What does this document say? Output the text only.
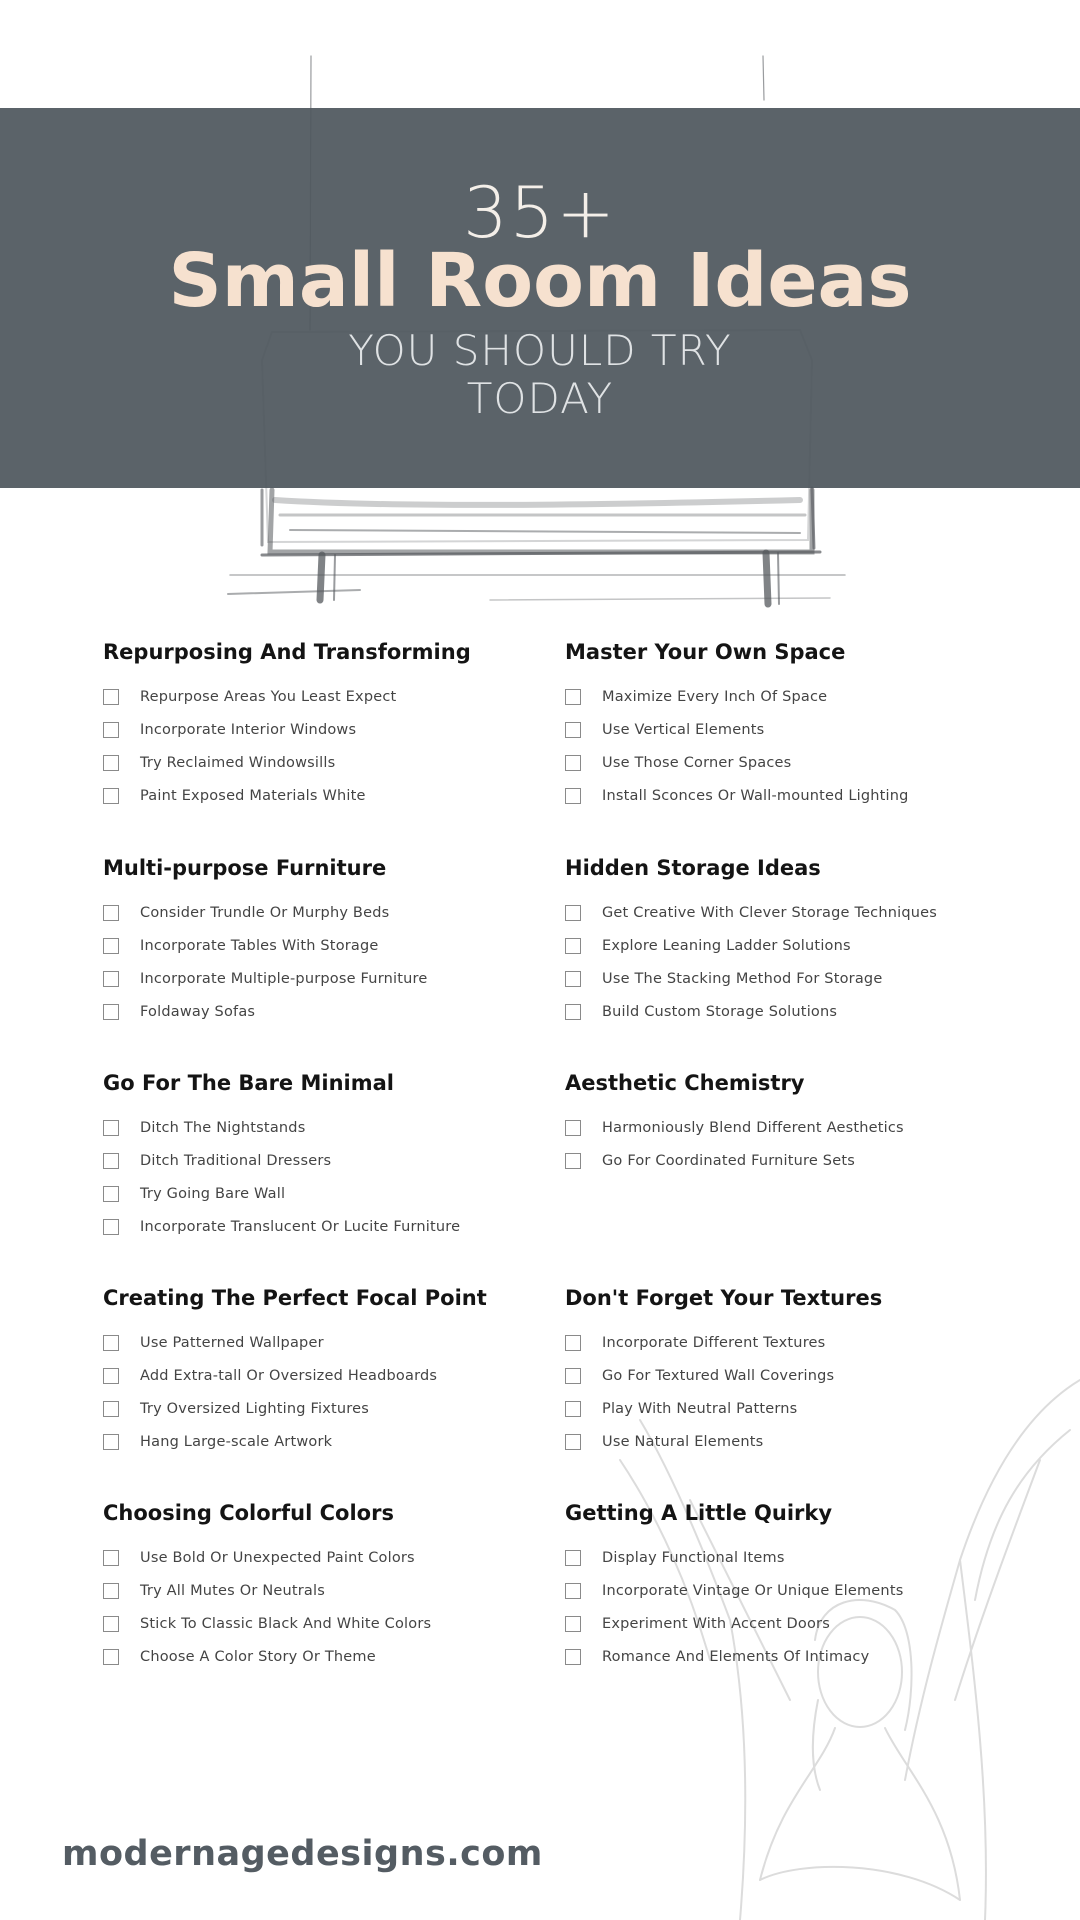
35+
Small Room Ideas
YOU SHOULD TRY
TODAY
Repurposing And Transforming
Repurpose Areas You Least Expect
Incorporate Interior Windows
Try Reclaimed Windowsills
Paint Exposed Materials White
Multi-purpose Furniture
Consider Trundle Or Murphy Beds
Incorporate Tables With Storage
Incorporate Multiple-purpose Furniture
Foldaway Sofas
Go For The Bare Minimal
Ditch The Nightstands
Ditch Traditional Dressers
Try Going Bare Wall
Incorporate Translucent Or Lucite Furniture
Creating The Perfect Focal Point
Use Patterned Wallpaper
Add Extra-tall Or Oversized Headboards
Try Oversized Lighting Fixtures
Hang Large-scale Artwork
Choosing Colorful Colors
Use Bold Or Unexpected Paint Colors
Try All Mutes Or Neutrals
Stick To Classic Black And White Colors
Choose A Color Story Or Theme
Master Your Own Space
Maximize Every Inch Of Space
Use Vertical Elements
Use Those Corner Spaces
Install Sconces Or Wall-mounted Lighting
Hidden Storage Ideas
Get Creative With Clever Storage Techniques
Explore Leaning Ladder Solutions
Use The Stacking Method For Storage
Build Custom Storage Solutions
Aesthetic Chemistry
Harmoniously Blend Different Aesthetics
Go For Coordinated Furniture Sets
Don't Forget Your Textures
Incorporate Different Textures
Go For Textured Wall Coverings
Play With Neutral Patterns
Use Natural Elements
Getting A Little Quirky
Display Functional Items
Incorporate Vintage Or Unique Elements
Experiment With Accent Doors
Romance And Elements Of Intimacy
modernagedesigns.com
